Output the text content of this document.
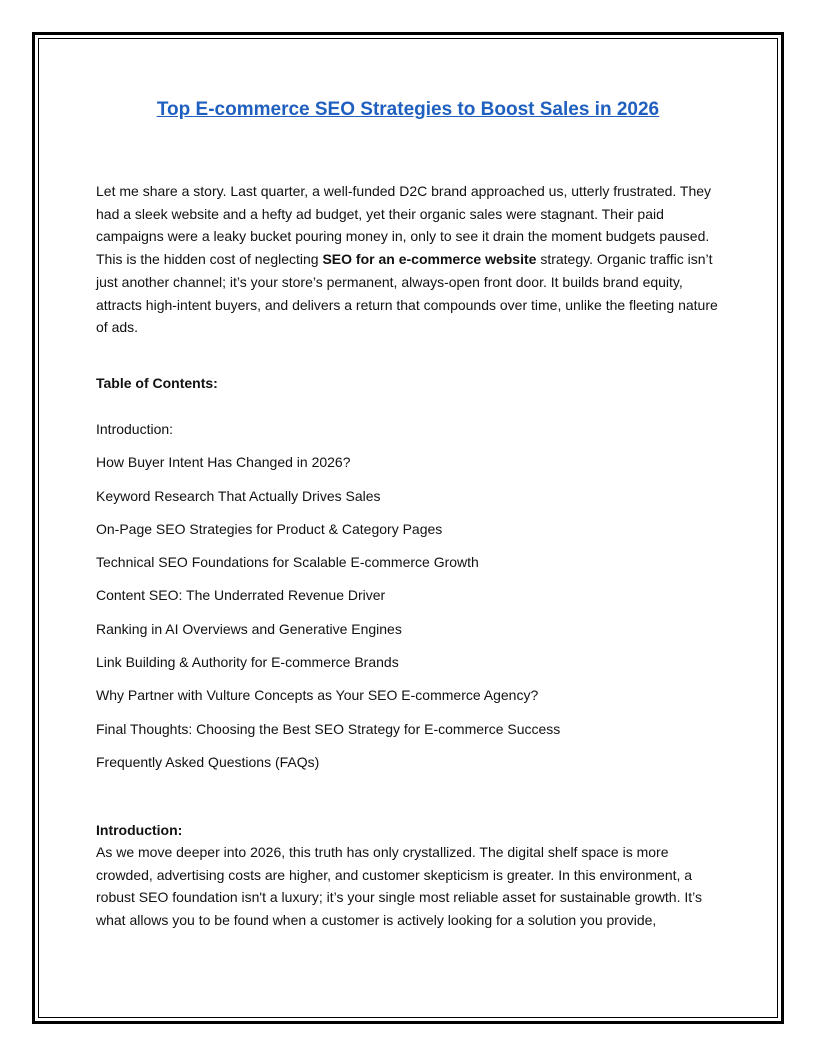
Top E-commerce SEO Strategies to Boost Sales in 2026

Let me share a story. Last quarter, a well-funded D2C brand approached us, utterly frustrated. They had a sleek website and a hefty ad budget, yet their organic sales were stagnant. Their paid campaigns were a leaky bucket pouring money in, only to see it drain the moment budgets paused. This is the hidden cost of neglecting SEO for an e-commerce website strategy. Organic traffic isn’t just another channel; it’s your store’s permanent, always-open front door. It builds brand equity, attracts high-intent buyers, and delivers a return that compounds over time, unlike the fleeting nature of ads.

Table of Contents:

Introduction:
How Buyer Intent Has Changed in 2026?
Keyword Research That Actually Drives Sales
On-Page SEO Strategies for Product & Category Pages
Technical SEO Foundations for Scalable E-commerce Growth
Content SEO: The Underrated Revenue Driver
Ranking in AI Overviews and Generative Engines
Link Building & Authority for E-commerce Brands
Why Partner with Vulture Concepts as Your SEO E-commerce Agency?
Final Thoughts: Choosing the Best SEO Strategy for E-commerce Success
Frequently Asked Questions (FAQs)

Introduction:

As we move deeper into 2026, this truth has only crystallized. The digital shelf space is more crowded, advertising costs are higher, and customer skepticism is greater. In this environment, a robust SEO foundation isn't a luxury; it’s your single most reliable asset for sustainable growth. It’s what allows you to be found when a customer is actively looking for a solution you provide,
